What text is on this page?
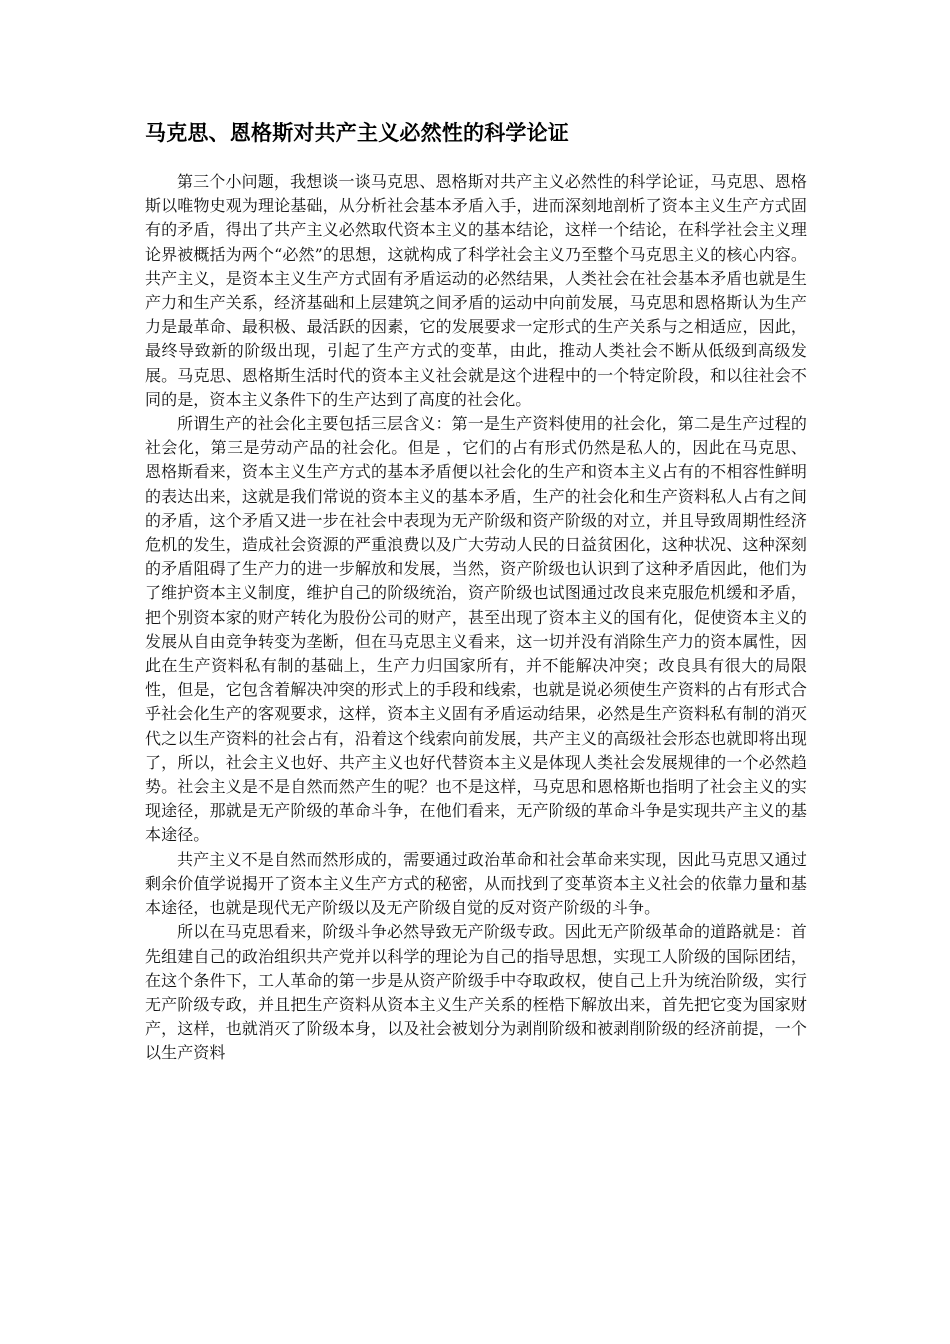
马克思、恩格斯对共产主义必然性的科学论证

第三个小问题，我想谈一谈马克思、恩格斯对共产主义必然性的科学论证，马克思、恩格斯以唯物史观为理论基础，从分析社会基本矛盾入手，进而深刻地剖析了资本主义生产方式固有的矛盾，得出了共产主义必然取代资本主义的基本结论，这样一个结论，在科学社会主义理论界被概括为两个“必然”的思想，这就构成了科学社会主义乃至整个马克思主义的核心内容。共产主义，是资本主义生产方式固有矛盾运动的必然结果，人类社会在社会基本矛盾也就是生产力和生产关系，经济基础和上层建筑之间矛盾的运动中向前发展，马克思和恩格斯认为生产力是最革命、最积极、最活跃的因素，它的发展要求一定形式的生产关系与之相适应，因此，最终导致新的阶级出现，引起了生产方式的变革，由此，推动人类社会不断从低级到高级发展。马克思、恩格斯生活时代的资本主义社会就是这个进程中的一个特定阶段，和以往社会不同的是，资本主义条件下的生产达到了高度的社会化。

所谓生产的社会化主要包括三层含义：第一是生产资料使用的社会化，第二是生产过程的社会化，第三是劳动产品的社会化。但是 ，它们的占有形式仍然是私人的，因此在马克思、恩格斯看来，资本主义生产方式的基本矛盾便以社会化的生产和资本主义占有的不相容性鲜明的表达出来，这就是我们常说的资本主义的基本矛盾，生产的社会化和生产资料私人占有之间的矛盾，这个矛盾又进一步在社会中表现为无产阶级和资产阶级的对立，并且导致周期性经济危机的发生，造成社会资源的严重浪费以及广大劳动人民的日益贫困化，这种状况、这种深刻的矛盾阻碍了生产力的进一步解放和发展，当然，资产阶级也认识到了这种矛盾因此，他们为了维护资本主义制度，维护自己的阶级统治，资产阶级也试图通过改良来克服危机缓和矛盾，把个别资本家的财产转化为股份公司的财产，甚至出现了资本主义的国有化，促使资本主义的发展从自由竞争转变为垄断，但在马克思主义看来，这一切并没有消除生产力的资本属性，因此在生产资料私有制的基础上，生产力归国家所有，并不能解决冲突；改良具有很大的局限性，但是，它包含着解决冲突的形式上的手段和线索，也就是说必须使生产资料的占有形式合乎社会化生产的客观要求，这样，资本主义固有矛盾运动结果，必然是生产资料私有制的消灭代之以生产资料的社会占有，沿着这个线索向前发展，共产主义的高级社会形态也就即将出现了，所以，社会主义也好、共产主义也好代替资本主义是体现人类社会发展规律的一个必然趋势。社会主义是不是自然而然产生的呢？也不是这样，马克思和恩格斯也指明了社会主义的实现途径，那就是无产阶级的革命斗争，在他们看来，无产阶级的革命斗争是实现共产主义的基本途径。

共产主义不是自然而然形成的，需要通过政治革命和社会革命来实现，因此马克思又通过剩余价值学说揭开了资本主义生产方式的秘密，从而找到了变革资本主义社会的依靠力量和基本途径，也就是现代无产阶级以及无产阶级自觉的反对资产阶级的斗争。

所以在马克思看来，阶级斗争必然导致无产阶级专政。因此无产阶级革命的道路就是：首先组建自己的政治组织共产党并以科学的理论为自己的指导思想，实现工人阶级的国际团结，在这个条件下，工人革命的第一步是从资产阶级手中夺取政权，使自己上升为统治阶级，实行无产阶级专政，并且把生产资料从资本主义生产关系的桎梏下解放出来，首先把它变为国家财产，这样，也就消灭了阶级本身，以及社会被划分为剥削阶级和被剥削阶级的经济前提，一个以生产资料
